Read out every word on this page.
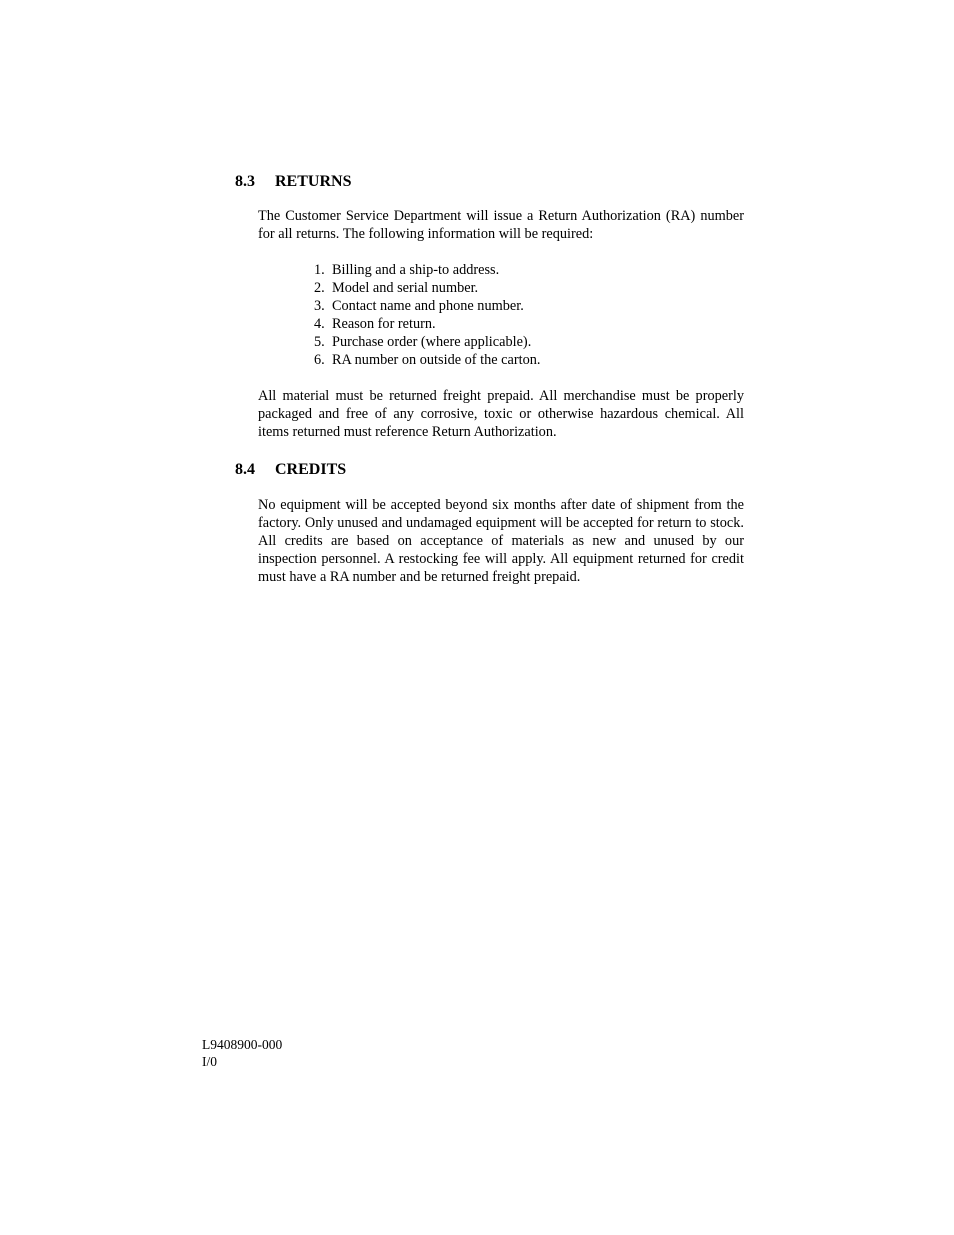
8.3 RETURNS

The Customer Service Department will issue a Return Authorization (RA) number for all returns. The following information will be required:

1. Billing and a ship-to address.
2. Model and serial number.
3. Contact name and phone number.
4. Reason for return.
5. Purchase order (where applicable).
6. RA number on outside of the carton.

All material must be returned freight prepaid. All merchandise must be properly packaged and free of any corrosive, toxic or otherwise hazardous chemical. All items returned must reference Return Authorization.

8.4 CREDITS

No equipment will be accepted beyond six months after date of shipment from the factory. Only unused and undamaged equipment will be accepted for return to stock. All credits are based on acceptance of materials as new and unused by our inspection personnel. A restocking fee will apply. All equipment returned for credit must have a RA number and be returned freight prepaid.

L9408900-000
I/0
